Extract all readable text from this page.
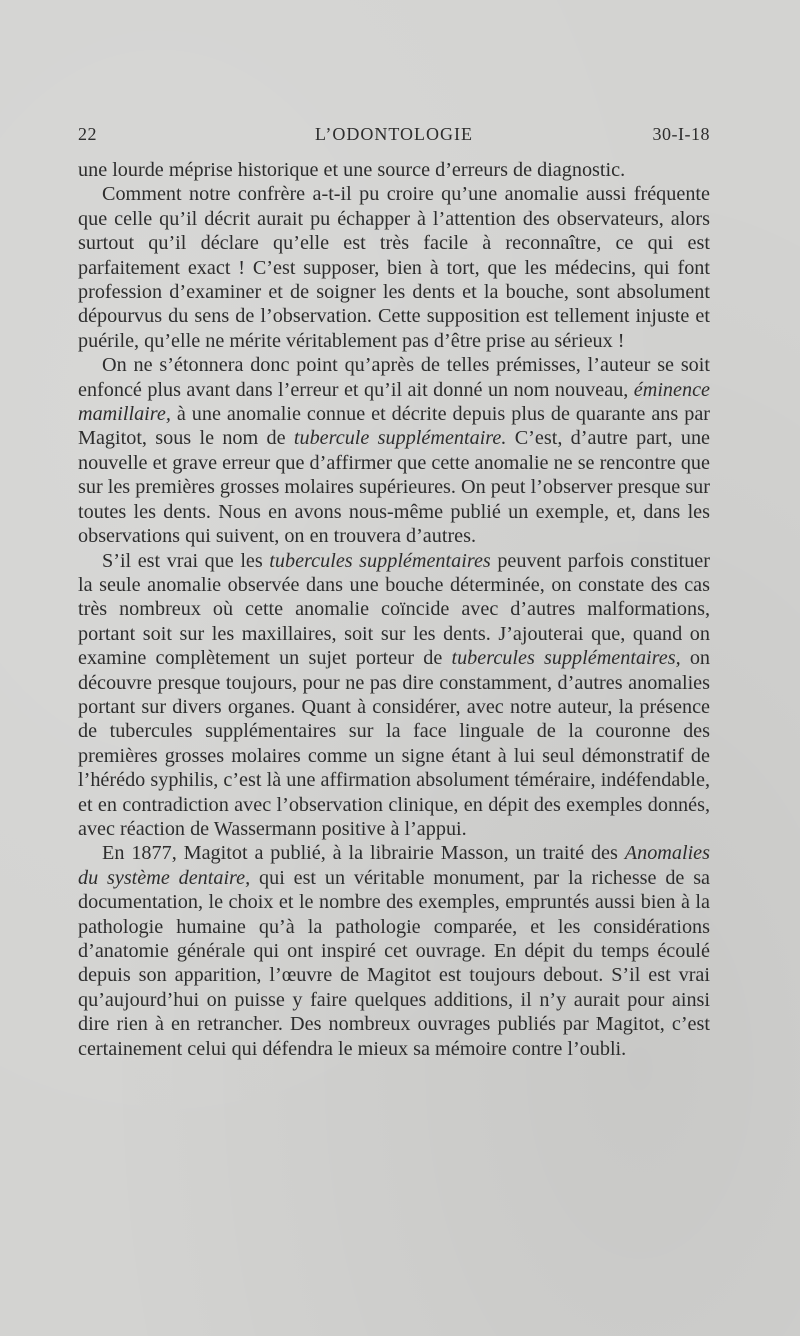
22	L’ODONTOLOGIE	30-I-18

une lourde méprise historique et une source d’erreurs de diagnostic.

Comment notre confrère a-t-il pu croire qu’une anomalie aussi fréquente que celle qu’il décrit aurait pu échapper à l’attention des observateurs, alors surtout qu’il déclare qu’elle est très facile à reconnaître, ce qui est parfaitement exact ! C’est supposer, bien à tort, que les médecins, qui font profession d’examiner et de soigner les dents et la bouche, sont absolument dépourvus du sens de l’observation. Cette supposition est tellement injuste et puérile, qu’elle ne mérite véritablement pas d’être prise au sérieux !

On ne s’étonnera donc point qu’après de telles prémisses, l’auteur se soit enfoncé plus avant dans l’erreur et qu’il ait donné un nom nouveau, éminence mamillaire, à une anomalie connue et décrite depuis plus de quarante ans par Magitot, sous le nom de tubercule supplémentaire. C’est, d’autre part, une nouvelle et grave erreur que d’affirmer que cette anomalie ne se rencontre que sur les premières grosses molaires supérieures. On peut l’observer presque sur toutes les dents. Nous en avons nous-même publié un exemple, et, dans les observations qui suivent, on en trouvera d’autres.

S’il est vrai que les tubercules supplémentaires peuvent parfois constituer la seule anomalie observée dans une bouche déterminée, on constate des cas très nombreux où cette anomalie coïncide avec d’autres malformations, portant soit sur les maxillaires, soit sur les dents. J’ajouterai que, quand on examine complètement un sujet porteur de tubercules supplémentaires, on découvre presque toujours, pour ne pas dire constamment, d’autres anomalies portant sur divers organes. Quant à considérer, avec notre auteur, la présence de tubercules supplémentaires sur la face linguale de la couronne des premières grosses molaires comme un signe étant à lui seul démonstratif de l’hérédo syphilis, c’est là une affirmation absolument téméraire, indéfendable, et en contradiction avec l’observation clinique, en dépit des exemples donnés, avec réaction de Wassermann positive à l’appui.

En 1877, Magitot a publié, à la librairie Masson, un traité des Anomalies du système dentaire, qui est un véritable monument, par la richesse de sa documentation, le choix et le nombre des exemples, empruntés aussi bien à la pathologie humaine qu’à la pathologie comparée, et les considérations d’anatomie générale qui ont inspiré cet ouvrage. En dépit du temps écoulé depuis son apparition, l’œuvre de Magitot est toujours debout. S’il est vrai qu’aujourd’hui on puisse y faire quelques additions, il n’y aurait pour ainsi dire rien à en retrancher. Des nombreux ouvrages publiés par Magitot, c’est certainement celui qui défendra le mieux sa mémoire contre l’oubli.
